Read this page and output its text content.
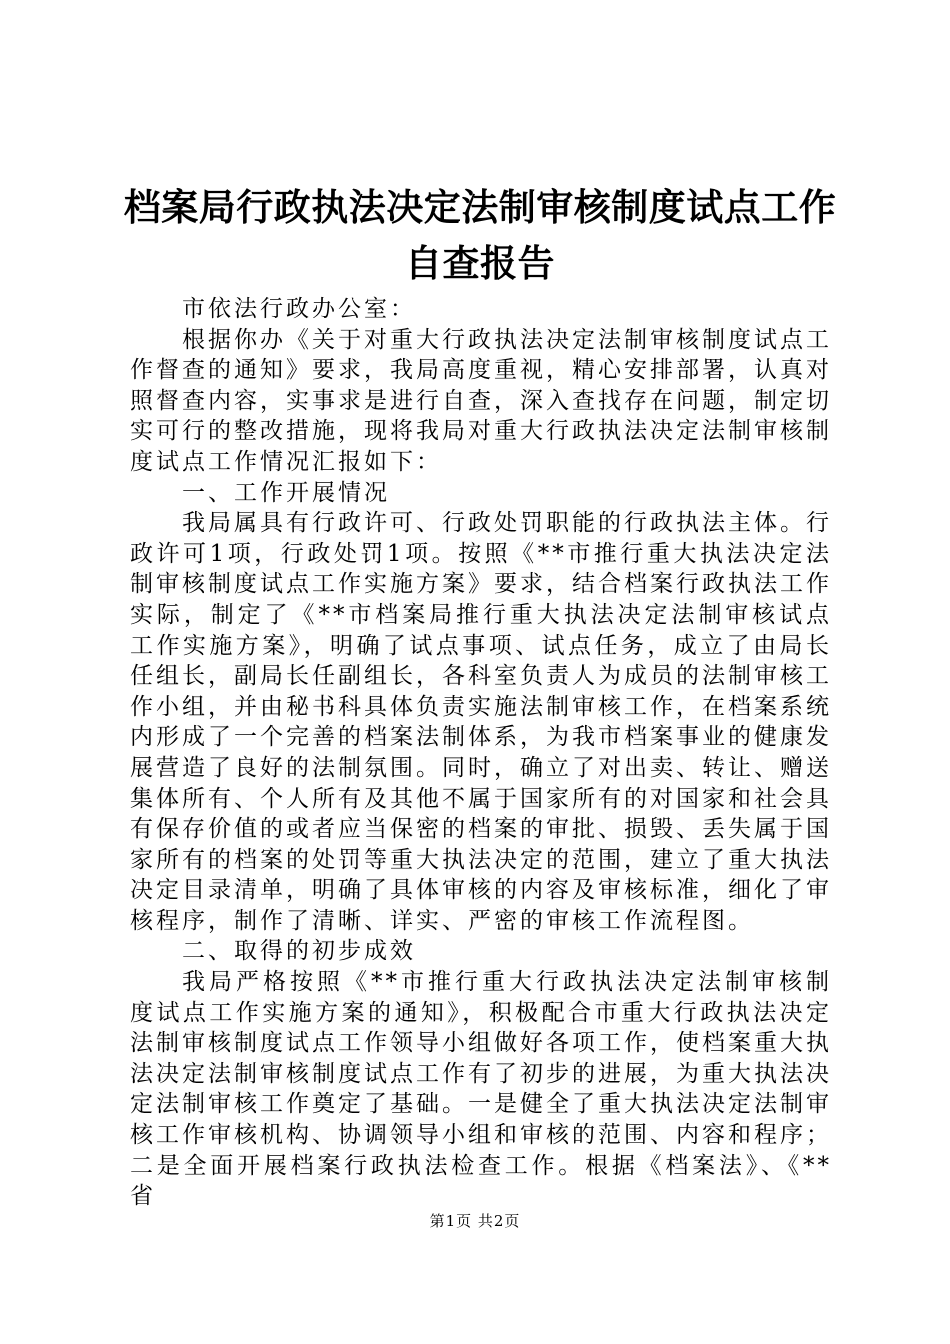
档案局行政执法决定法制审核制度试点工作自查报告

市依法行政办公室：

根据你办《关于对重大行政执法决定法制审核制度试点工作督查的通知》要求，我局高度重视，精心安排部署，认真对照督查内容，实事求是进行自查，深入查找存在问题，制定切实可行的整改措施，现将我局对重大行政执法决定法制审核制度试点工作情况汇报如下：

一、工作开展情况

我局属具有行政许可、行政处罚职能的行政执法主体。行政许可1项，行政处罚1项。按照《**市推行重大执法决定法制审核制度试点工作实施方案》要求，结合档案行政执法工作实际，制定了《**市档案局推行重大执法决定法制审核试点工作实施方案》，明确了试点事项、试点任务，成立了由局长任组长，副局长任副组长，各科室负责人为成员的法制审核工作小组，并由秘书科具体负责实施法制审核工作，在档案系统内形成了一个完善的档案法制体系，为我市档案事业的健康发展营造了良好的法制氛围。同时，确立了对出卖、转让、赠送集体所有、个人所有及其他不属于国家所有的对国家和社会具有保存价值的或者应当保密的档案的审批、损毁、丢失属于国家所有的档案的处罚等重大执法决定的范围，建立了重大执法决定目录清单，明确了具体审核的内容及审核标准，细化了审核程序，制作了清晰、详实、严密的审核工作流程图。

二、取得的初步成效

我局严格按照《**市推行重大行政执法决定法制审核制度试点工作实施方案的通知》，积极配合市重大行政执法决定法制审核制度试点工作领导小组做好各项工作，使档案重大执法决定法制审核制度试点工作有了初步的进展，为重大执法决定法制审核工作奠定了基础。一是健全了重大执法决定法制审核工作审核机构、协调领导小组和审核的范围、内容和程序；二是全面开展档案行政执法检查工作。根据《档案法》、《**省

第1页 共2页
